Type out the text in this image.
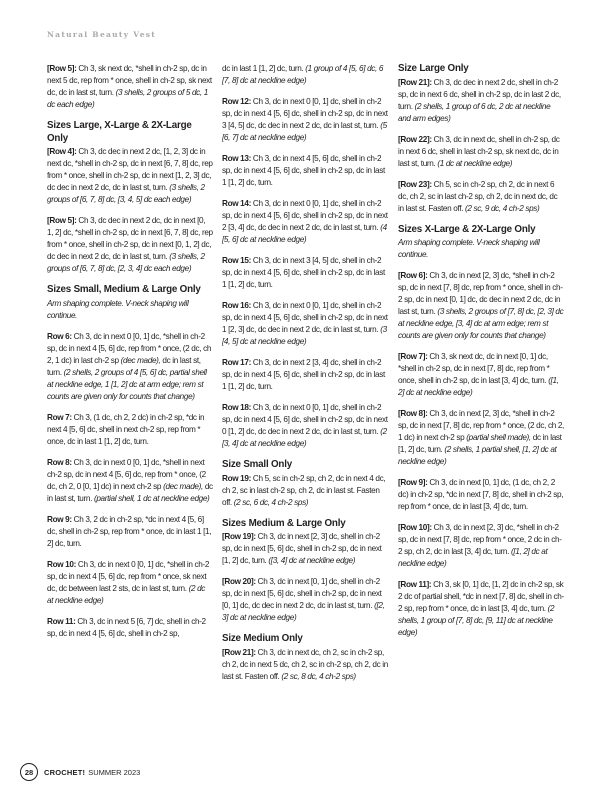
Natural Beauty Vest
[Row 5]: Ch 3, sk next dc, *shell in ch-2 sp, dc in next 5 dc, rep from * once, shell in ch-2 sp, sk next dc, dc in last st, turn. (3 shells, 2 groups of 5 dc, 1 dc each edge)
Sizes Large, X-Large & 2X-Large Only
[Row 4]: Ch 3, dc dec in next 2 dc, [1, 2, 3] dc in next dc, *shell in ch-2 sp, dc in next [6, 7, 8] dc, rep from * once, shell in ch-2 sp, dc in next [1, 2, 3] dc, dc dec in next 2 dc, dc in last st, turn. (3 shells, 2 groups of [6, 7, 8] dc, [3, 4, 5] dc each edge)
[Row 5]: Ch 3, dc dec in next 2 dc, dc in next [0, 1, 2] dc, *shell in ch-2 sp, dc in next [6, 7, 8] dc, rep from * once, shell in ch-2 sp, dc in next [0, 1, 2] dc, dc dec in next 2 dc, dc in last st, turn. (3 shells, 2 groups of [6, 7, 8] dc, [2, 3, 4] dc each edge)
Sizes Small, Medium & Large Only
Arm shaping complete. V-neck shaping will continue.
Row 6: Ch 3, dc in next 0 [0, 1] dc, *shell in ch-2 sp, dc in next 4 [5, 6] dc, rep from * once, (2 dc, ch 2, 1 dc) in last ch-2 sp (dec made), dc in last st, turn. (2 shells, 2 groups of 4 [5, 6] dc, partial shell at neckline edge, 1 [1, 2] dc at arm edge; rem st counts are given only for counts that change)
Row 7: Ch 3, (1 dc, ch 2, 2 dc) in ch-2 sp, *dc in next 4 [5, 6] dc, shell in next ch-2 sp, rep from * once, dc in last 1 [1, 2] dc, turn.
Row 8: Ch 3, dc in next 0 [0, 1] dc, *shell in next ch-2 sp, dc in next 4 [5, 6] dc, rep from * once, (2 dc, ch 2, 0 [0, 1] dc) in next ch-2 sp (dec made), dc in last st, turn. (partial shell, 1 dc at neckline edge)
Row 9: Ch 3, 2 dc in ch-2 sp, *dc in next 4 [5, 6] dc, shell in ch-2 sp, rep from * once, dc in last 1 [1, 2] dc, turn.
Row 10: Ch 3, dc in next 0 [0, 1] dc, *shell in ch-2 sp, dc in next 4 [5, 6] dc, rep from * once, sk next dc, dc between last 2 sts, dc in last st, turn. (2 dc at neckline edge)
Row 11: Ch 3, dc in next 5 [6, 7] dc, shell in ch-2 sp, dc in next 4 [5, 6] dc, shell in ch-2 sp,
dc in last 1 [1, 2] dc, turn. (1 group of 4 [5, 6] dc, 6 [7, 8] dc at neckline edge)
Row 12: Ch 3, dc in next 0 [0, 1] dc, shell in ch-2 sp, dc in next 4 [5, 6] dc, shell in ch-2 sp, dc in next 3 [4, 5] dc, dc dec in next 2 dc, dc in last st, turn. (5 [6, 7] dc at neckline edge)
Row 13: Ch 3, dc in next 4 [5, 6] dc, shell in ch-2 sp, dc in next 4 [5, 6] dc, shell in ch-2 sp, dc in last 1 [1, 2] dc, turn.
Row 14: Ch 3, dc in next 0 [0, 1] dc, shell in ch-2 sp, dc in next 4 [5, 6] dc, shell in ch-2 sp, dc in next 2 [3, 4] dc, dc dec in next 2 dc, dc in last st, turn. (4 [5, 6] dc at neckline edge)
Row 15: Ch 3, dc in next 3 [4, 5] dc, shell in ch-2 sp, dc in next 4 [5, 6] dc, shell in ch-2 sp, dc in last 1 [1, 2] dc, turn.
Row 16: Ch 3, dc in next 0 [0, 1] dc, shell in ch-2 sp, dc in next 4 [5, 6] dc, shell in ch-2 sp, dc in next 1 [2, 3] dc, dc dec in next 2 dc, dc in last st, turn. (3 [4, 5] dc at neckline edge)
Row 17: Ch 3, dc in next 2 [3, 4] dc, shell in ch-2 sp, dc in next 4 [5, 6] dc, shell in ch-2 sp, dc in last 1 [1, 2] dc, turn.
Row 18: Ch 3, dc in next 0 [0, 1] dc, shell in ch-2 sp, dc in next 4 [5, 6] dc, shell in ch-2 sp, dc in next 0 [1, 2] dc, dc dec in next 2 dc, dc in last st, turn. (2 [3, 4] dc at neckline edge)
Size Small Only
Row 19: Ch 5, sc in ch-2 sp, ch 2, dc in next 4 dc, ch 2, sc in last ch-2 sp, ch 2, dc in last st. Fasten off. (2 sc, 6 dc, 4 ch-2 sps)
Sizes Medium & Large Only
[Row 19]: Ch 3, dc in next [2, 3] dc, shell in ch-2 sp, dc in next [5, 6] dc, shell in ch-2 sp, dc in next [1, 2] dc, turn. ([3, 4] dc at neckline edge)
[Row 20]: Ch 3, dc in next [0, 1] dc, shell in ch-2 sp, dc in next [5, 6] dc, shell in ch-2 sp, dc in next [0, 1] dc, dc dec in next 2 dc, dc in last st, turn. ([2, 3] dc at neckline edge)
Size Medium Only
[Row 21]: Ch 3, dc in next dc, ch 2, sc in ch-2 sp, ch 2, dc in next 5 dc, ch 2, sc in ch-2 sp, ch 2, dc in last st. Fasten off. (2 sc, 8 dc, 4 ch-2 sps)
Size Large Only
[Row 21]: Ch 3, dc dec in next 2 dc, shell in ch-2 sp, dc in next 6 dc, shell in ch-2 sp, dc in last 2 dc, turn. (2 shells, 1 group of 6 dc, 2 dc at neckline and arm edges)
[Row 22]: Ch 3, dc in next dc, shell in ch-2 sp, dc in next 6 dc, shell in last ch-2 sp, sk next dc, dc in last st, turn. (1 dc at neckline edge)
[Row 23]: Ch 5, sc in ch-2 sp, ch 2, dc in next 6 dc, ch 2, sc in last ch-2 sp, ch 2, dc in next dc, dc in last st. Fasten off. (2 sc, 9 dc, 4 ch-2 sps)
Sizes X-Large & 2X-Large Only
Arm shaping complete. V-neck shaping will continue.
[Row 6]: Ch 3, dc in next [2, 3] dc, *shell in ch-2 sp, dc in next [7, 8] dc, rep from * once, shell in ch-2 sp, dc in next [0, 1] dc, dc dec in next 2 dc, dc in last st, turn. (3 shells, 2 groups of [7, 8] dc, [2, 3] dc at neckline edge, [3, 4] dc at arm edge; rem st counts are given only for counts that change)
[Row 7]: Ch 3, sk next dc, dc in next [0, 1] dc, *shell in ch-2 sp, dc in next [7, 8] dc, rep from * once, shell in ch-2 sp, dc in last [3, 4] dc, turn. ([1, 2] dc at neckline edge)
[Row 8]: Ch 3, dc in next [2, 3] dc, *shell in ch-2 sp, dc in next [7, 8] dc, rep from * once, (2 dc, ch 2, 1 dc) in next ch-2 sp (partial shell made), dc in last [1, 2] dc, turn. (2 shells, 1 partial shell, [1, 2] dc at neckline edge)
[Row 9]: Ch 3, dc in next [0, 1] dc, (1 dc, ch 2, 2 dc) in ch-2 sp, *dc in next [7, 8] dc, shell in ch-2 sp, rep from * once, dc in last [3, 4] dc, turn.
[Row 10]: Ch 3, dc in next [2, 3] dc, *shell in ch-2 sp, dc in next [7, 8] dc, rep from * once, 2 dc in ch-2 sp, ch 2, dc in last [3, 4] dc, turn. ([1, 2] dc at neckline edge)
[Row 11]: Ch 3, sk [0, 1] dc, [1, 2] dc in ch-2 sp, sk 2 dc of partial shell, *dc in next [7, 8] dc, shell in ch-2 sp, rep from * once, dc in last [3, 4] dc, turn. (2 shells, 1 group of [7, 8] dc, [9, 11] dc at neckline edge)
28	CROCHET! SUMMER 2023
